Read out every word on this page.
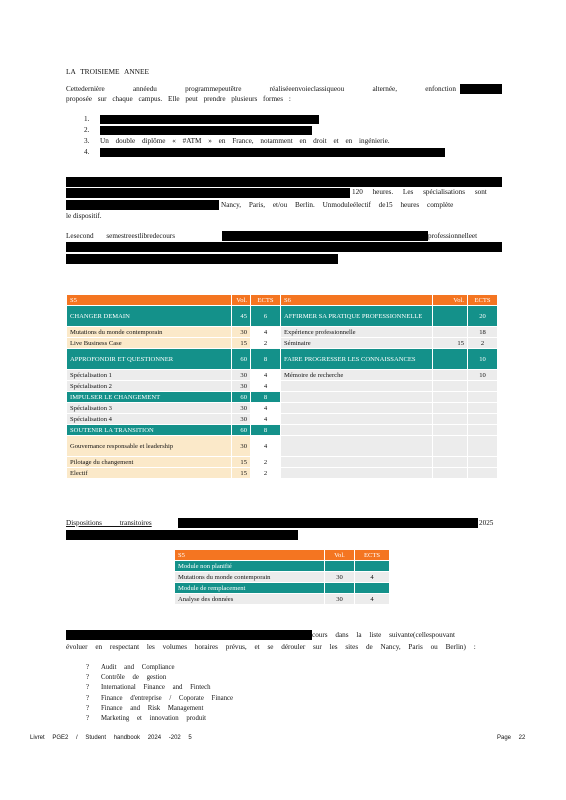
LA TROISIEME ANNEE
Cettedernière	annéedu	programmepeutêtre	réaliséeenvoieclassiqueou	alternée,	enfonction
proposée sur chaque campus. Elle peut prendre plusieurs formes :
1.
2.
3. Un double diplôme « #ATM » en France, notamment en droit et en ingénierie.
4.
120 heures. Les spécialisations sont
Nancy, Paris, et/ou Berlin. Unmoduleélectif de15 heures complète
le dispositif.
Lesecond semestreestlibredecours	professionnelleet
S5	Vol.	ECTS	S6	Vol.	ECTS
CHANGER DEMAIN	45	6	AFFIRMER SA PRATIQUE PROFESSIONNELLE		20
Mutations du monde contemporain	30	4	Expérience professionnelle		18
Live Business Case	15	2	Séminaire	15	2
APPROFONDIR ET QUESTIONNER	60	8	FAIRE PROGRESSER LES CONNAISSANCES		10
Spécialisation 1	30	4	Mémoire de recherche		10
Spécialisation 2	30	4			
IMPULSER LE CHANGEMENT	60	8			
Spécialisation 3	30	4			
Spécialisation 4	30	4			
SOUTENIR LA TRANSITION	60	8			
Gouvernance responsable et leadership	30	4			
Pilotage du changement	15	2			
Electif	15	2			
Dispositions transitoires	2025
S5	Vol.	ECTS
Module non planifié		
Mutations du monde contemporain	30	4
Module de remplacement		
Analyse des données	30	4
cours dans la liste suivante(cellespouvant
évoluer en respectant les volumes horaires prévus, et se dérouler sur les sites de Nancy, Paris ou Berlin) :
? Audit and Compliance
? Contrôle de gestion
? International Finance and Fintech
? Finance d'entreprise / Coporate Finance
? Finance and Risk Management
? Marketing et innovation produit
Livret PGE2 / Student handbook 2024 -202 5	Page 22
